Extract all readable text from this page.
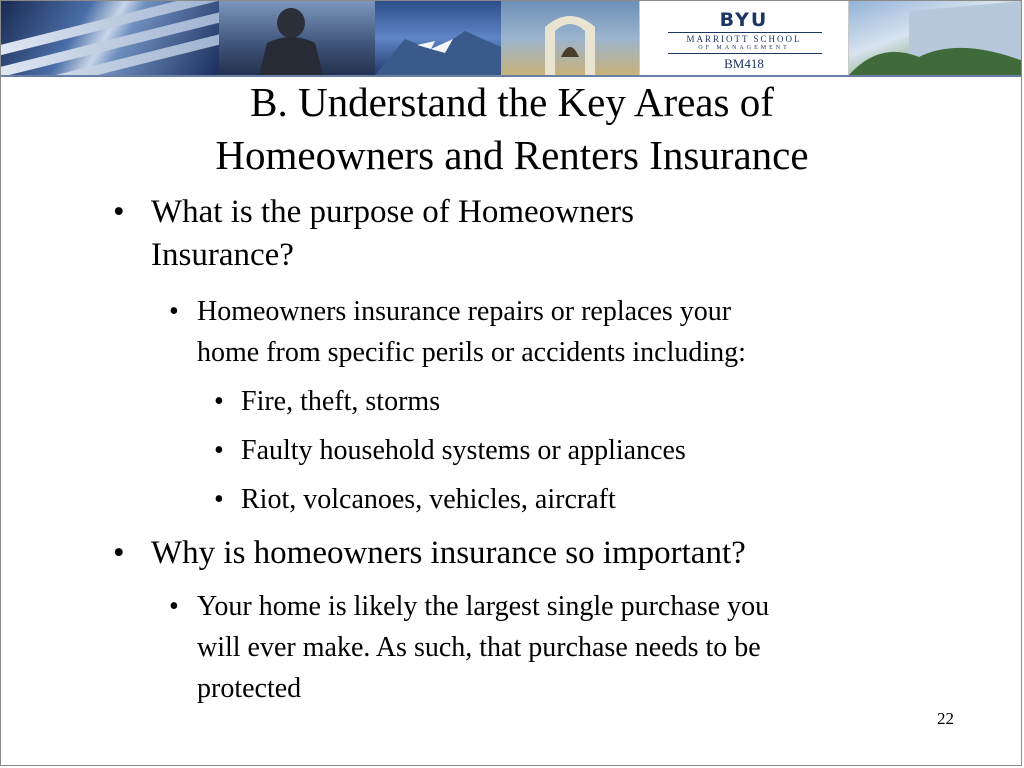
BYU
MARRIOTT SCHOOL
OF MANAGEMENT
BM418
B. Understand the Key Areas of
Homeowners and Renters Insurance
• What is the purpose of Homeowners
Insurance?
• Homeowners insurance repairs or replaces your
home from specific perils or accidents including:
• Fire, theft, storms
• Faulty household systems or appliances
• Riot, volcanoes, vehicles, aircraft
• Why is homeowners insurance so important?
• Your home is likely the largest single purchase you
will ever make. As such, that purchase needs to be
protected
22
